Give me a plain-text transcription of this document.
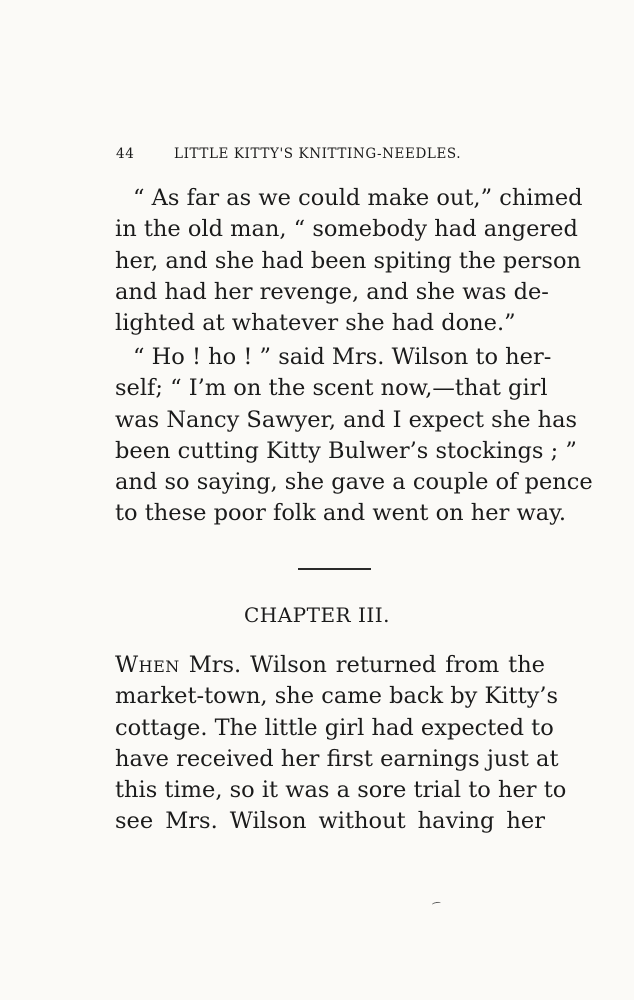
44	LITTLE KITTY'S KNITTING-NEEDLES.

“ As far as we could make out,” chimed
in the old man, “ somebody had angered
her, and she had been spiting the person
and had her revenge, and she was de-
lighted at whatever she had done.”

“ Ho ! ho ! ” said Mrs. Wilson to her-
self; “ I’m on the scent now,—that girl
was Nancy Sawyer, and I expect she has
been cutting Kitty Bulwer’s stockings ; ”
and so saying, she gave a couple of pence
to these poor folk and went on her way.

CHAPTER III.

When Mrs. Wilson returned from the
market-town, she came back by Kitty’s
cottage. The little girl had expected to
have received her first earnings just at
this time, so it was a sore trial to her to
see Mrs. Wilson without having her
